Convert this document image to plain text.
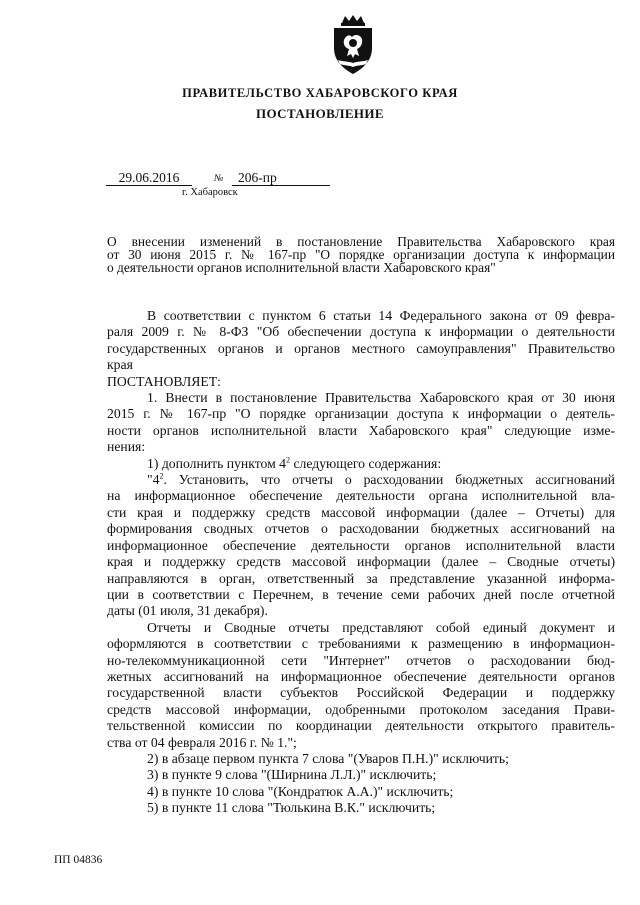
ПРАВИТЕЛЬСТВО ХАБАРОВСКОГО КРАЯ
ПОСТАНОВЛЕНИЕ
29.06.2016	№	206-пр
г. Хабаровск
О внесении изменений в постановление Правительства Хабаровского края
от 30 июня 2015 г. № 167-пр "О порядке организации доступа к информации
о деятельности органов исполнительной власти Хабаровского края"

В соответствии с пунктом 6 статьи 14 Федерального закона от 09 февра-

раля 2009 г. № 8-ФЗ "Об обеспечении доступа к информации о деятельности

государственных органов и органов местного самоуправления" Правительство

края

ПОСТАНОВЛЯЕТ:

1. Внести в постановление Правительства Хабаровского края от 30 июня

2015 г. № 167-пр "О порядке организации доступа к информации о деятель-

ности органов исполнительной власти Хабаровского края" следующие изме-

нения:

1) дополнить пунктом $4^2$ следующего содержания:

"$4^2$. Установить, что отчеты о расходовании бюджетных ассигнований

на информационное обеспечение деятельности органа исполнительной вла-

сти края и поддержку средств массовой информации (далее – Отчеты) для

формирования сводных отчетов о расходовании бюджетных ассигнований на

информационное обеспечение деятельности органов исполнительной власти

края и поддержку средств массовой информации (далее – Сводные отчеты)

направляются в орган, ответственный за представление указанной информа-

ции в соответствии с Перечнем, в течение семи рабочих дней после отчетной

даты (01 июля, 31 декабря).

Отчеты и Сводные отчеты представляют собой единый документ и

оформляются в соответствии с требованиями к размещению в информацион-

но-телекоммуникационной сети "Интернет" отчетов о расходовании бюд-

жетных ассигнований на информационное обеспечение деятельности органов

государственной власти субъектов Российской Федерации и поддержку

средств массовой информации, одобренными протоколом заседания Прави-

тельственной комиссии по координации деятельности открытого правитель-

ства от 04 февраля 2016 г. № 1.";

2) в абзаце первом пункта 7 слова "(Уваров П.Н.)" исключить;

3) в пункте 9 слова "(Ширнина Л.Л.)" исключить;

4) в пункте 10 слова "(Кондратюк А.А.)" исключить;

5) в пункте 11 слова "Тюлькина В.К." исключить;

ПП 04836
